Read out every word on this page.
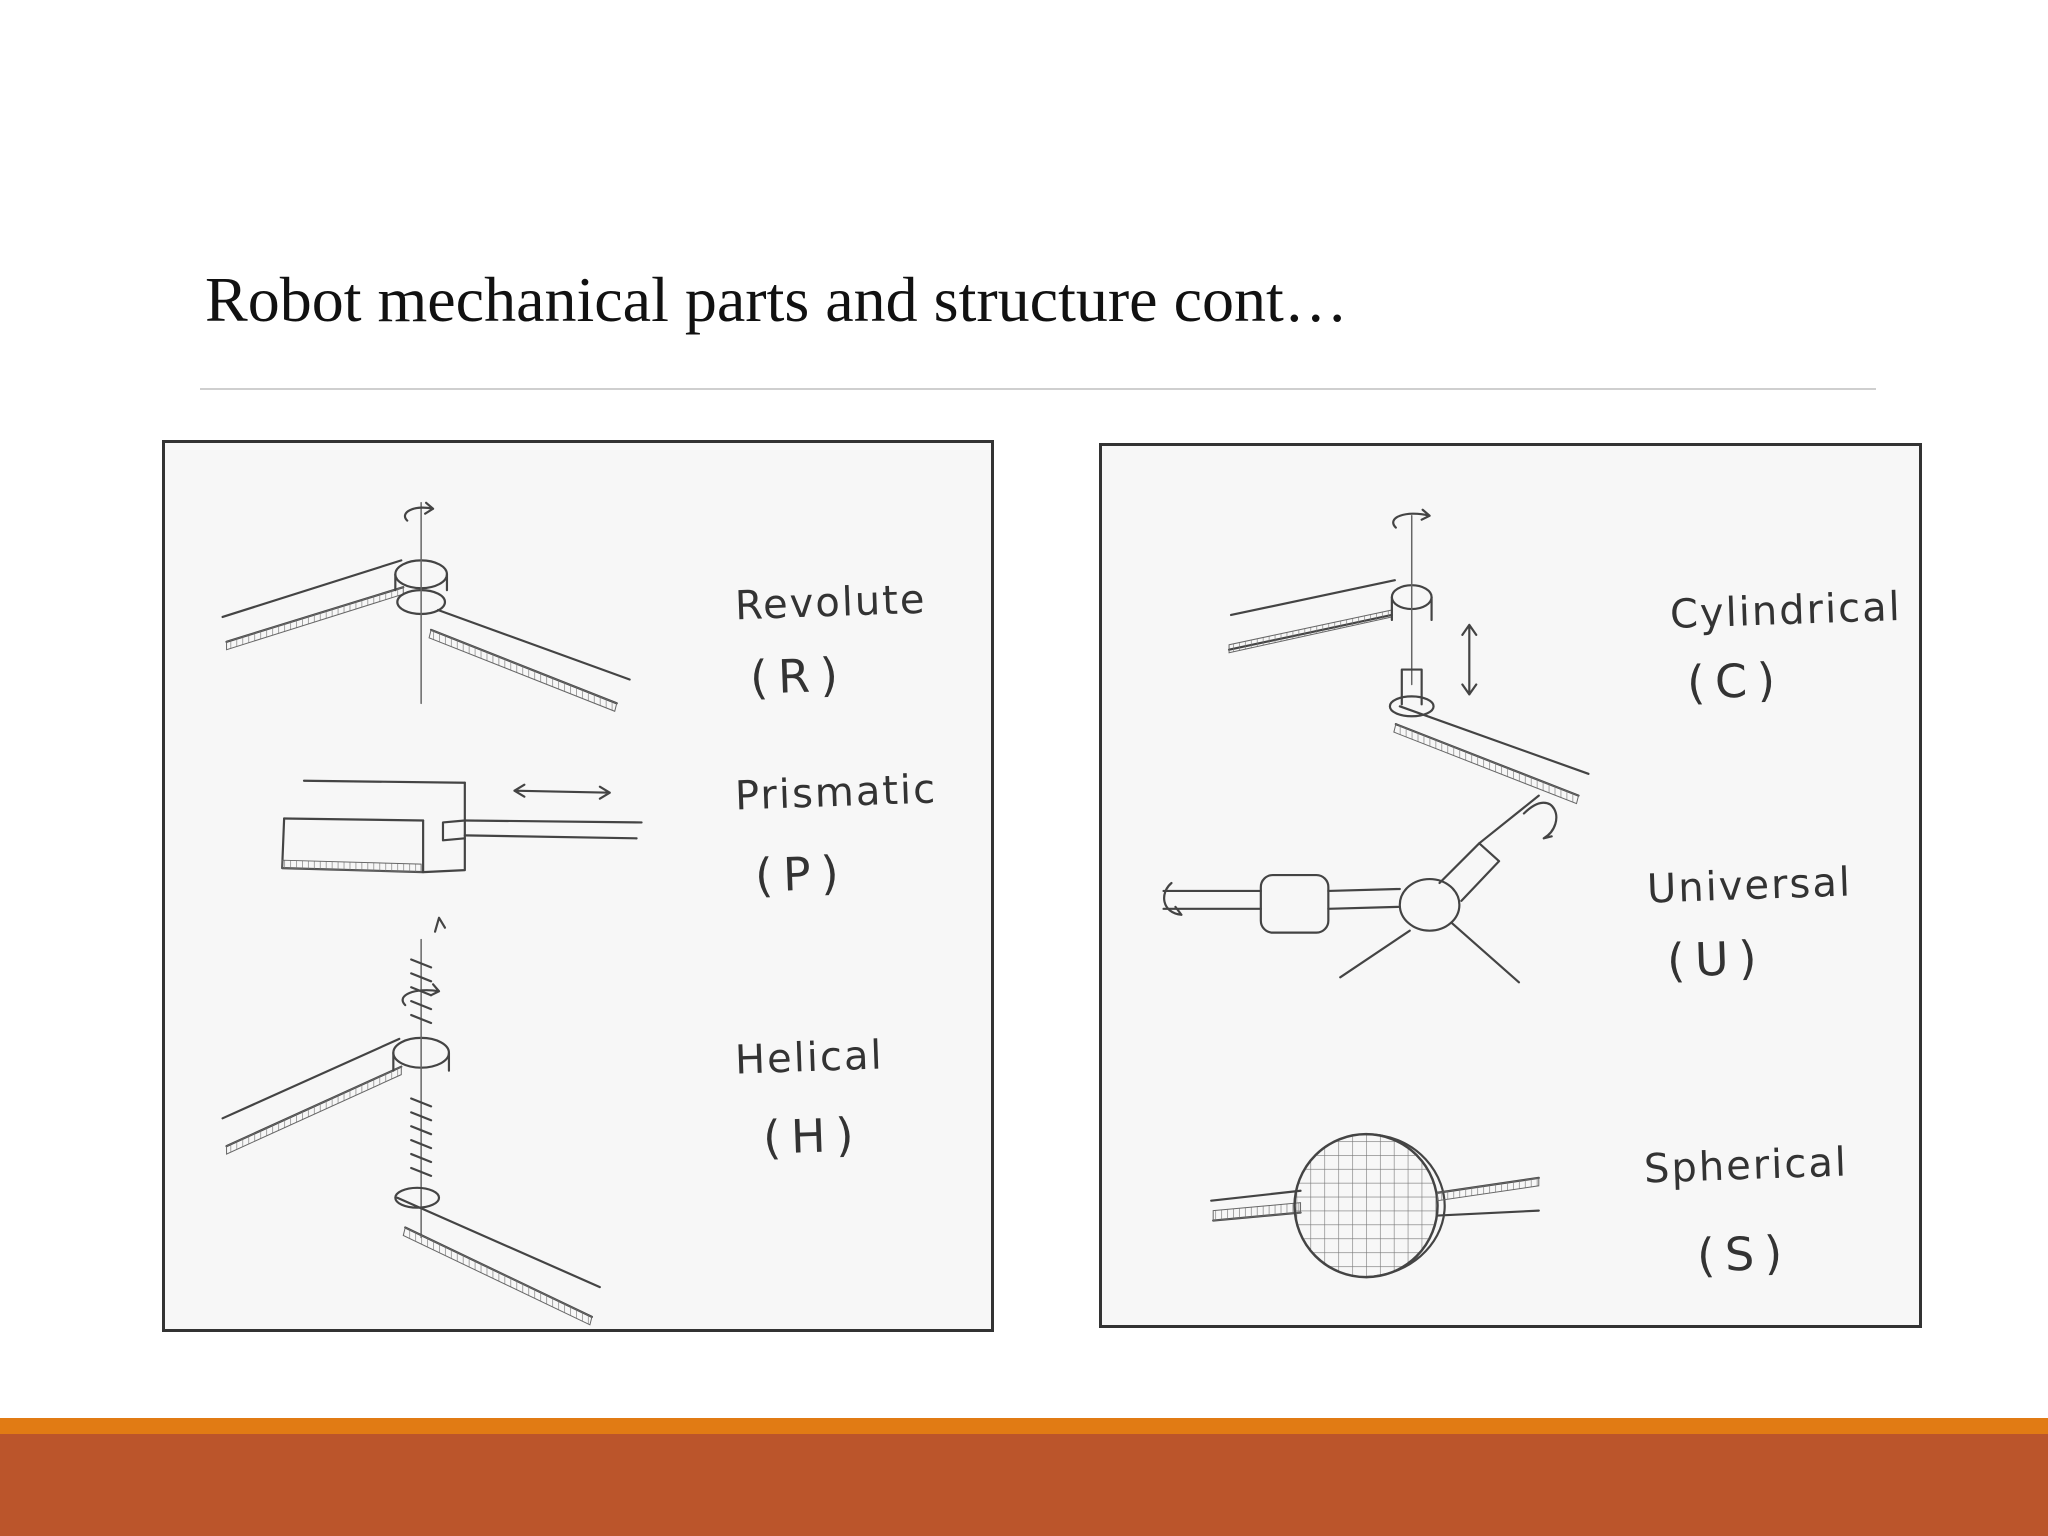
Robot mechanical parts and structure cont…
Revolute
(R)
Prismatic
(P)
Helical
(H)
Cylindrical
(C)
Universal
(U)
Spherical
(S)
